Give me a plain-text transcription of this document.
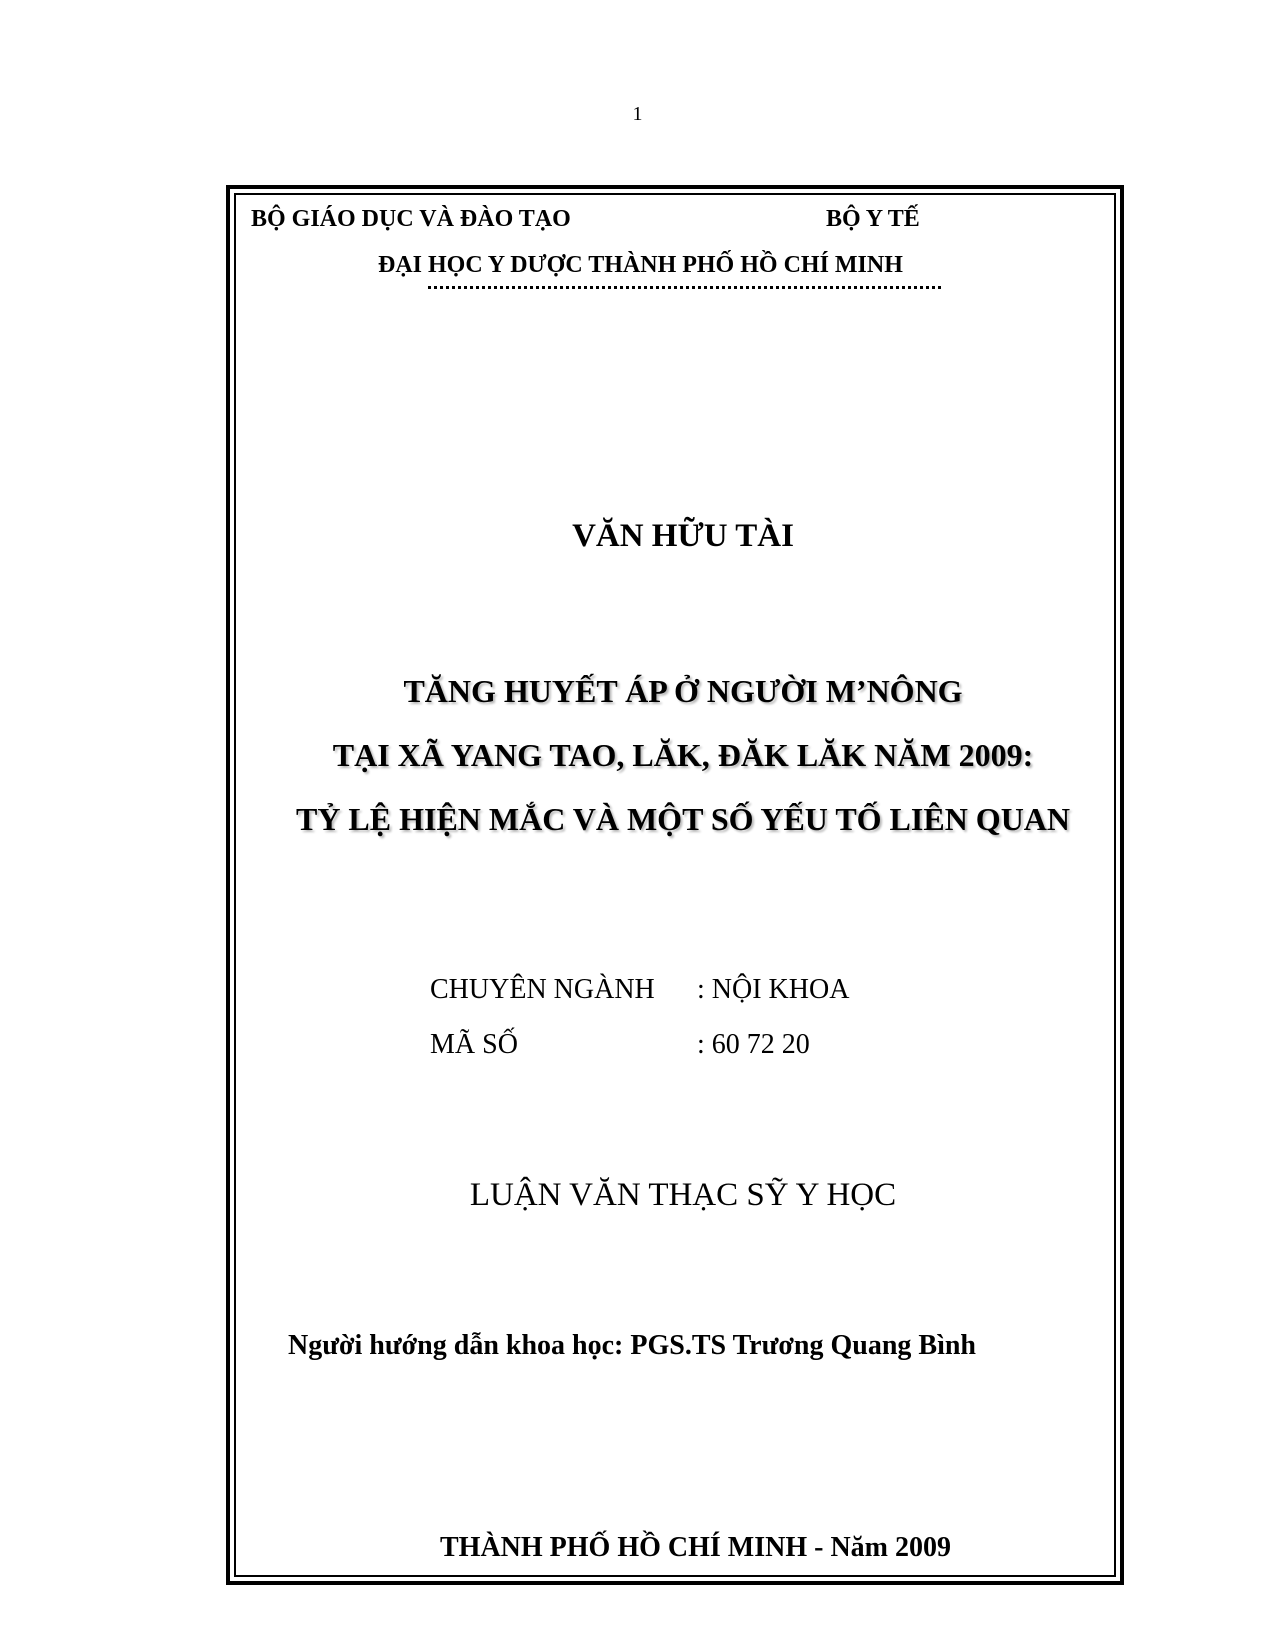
1
BỘ GIÁO DỤC VÀ ĐÀO TẠO	BỘ Y TẾ
ĐẠI HỌC Y DƯỢC THÀNH PHỐ HỒ CHÍ MINH
VĂN HỮU TÀI
TĂNG HUYẾT ÁP Ở NGƯỜI M’NÔNG
TẠI XÃ YANG TAO, LĂK, ĐĂK LĂK NĂM 2009:
TỶ LỆ HIỆN MẮC VÀ MỘT SỐ YẾU TỐ LIÊN QUAN
CHUYÊN NGÀNH : NỘI KHOA
MÃ SỐ	: 60 72 20
LUẬN VĂN THẠC SỸ Y HỌC
Người hướng dẫn khoa học: PGS.TS Trương Quang Bình
THÀNH PHỐ HỒ CHÍ MINH - Năm 2009
